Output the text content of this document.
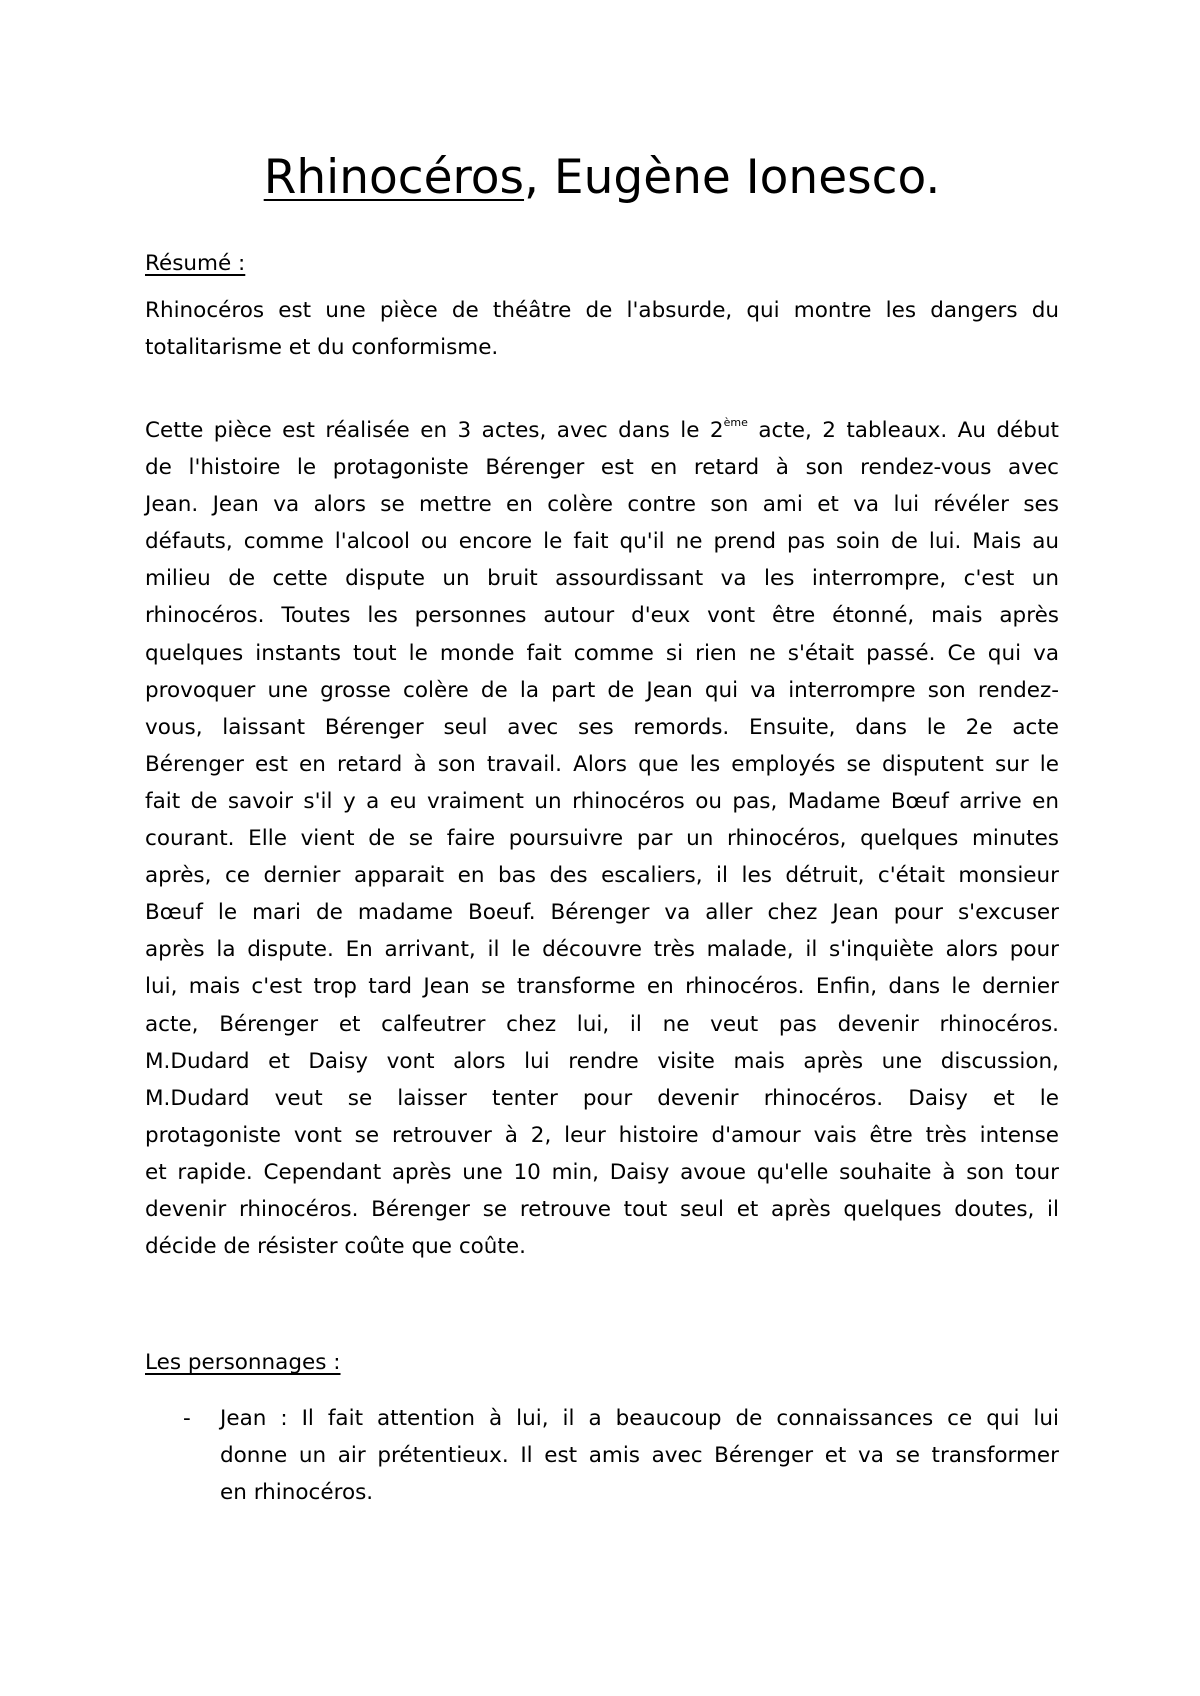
Rhinocéros, Eugène Ionesco.

Résumé :

Rhinocéros est une pièce de théâtre de l'absurde, qui montre les dangers du
totalitarisme et du conformisme.

Cette pièce est réalisée en 3 actes, avec dans le 2ème acte, 2 tableaux. Au début
de l'histoire le protagoniste Bérenger est en retard à son rendez-vous avec
Jean. Jean va alors se mettre en colère contre son ami et va lui révéler ses
défauts, comme l'alcool ou encore le fait qu'il ne prend pas soin de lui. Mais au
milieu de cette dispute un bruit assourdissant va les interrompre, c'est un
rhinocéros. Toutes les personnes autour d'eux vont être étonné, mais après
quelques instants tout le monde fait comme si rien ne s'était passé. Ce qui va
provoquer une grosse colère de la part de Jean qui va interrompre son rendez-
vous, laissant Bérenger seul avec ses remords. Ensuite, dans le 2e acte
Bérenger est en retard à son travail. Alors que les employés se disputent sur le
fait de savoir s'il y a eu vraiment un rhinocéros ou pas, Madame Bœuf arrive en
courant. Elle vient de se faire poursuivre par un rhinocéros, quelques minutes
après, ce dernier apparait en bas des escaliers, il les détruit, c'était monsieur
Bœuf le mari de madame Boeuf. Bérenger va aller chez Jean pour s'excuser
après la dispute. En arrivant, il le découvre très malade, il s'inquiète alors pour
lui, mais c'est trop tard Jean se transforme en rhinocéros. Enfin, dans le dernier
acte, Bérenger et calfeutrer chez lui, il ne veut pas devenir rhinocéros.
M.Dudard et Daisy vont alors lui rendre visite mais après une discussion,
M.Dudard veut se laisser tenter pour devenir rhinocéros. Daisy et le
protagoniste vont se retrouver à 2, leur histoire d'amour vais être très intense
et rapide. Cependant après une 10 min, Daisy avoue qu'elle souhaite à son tour
devenir rhinocéros. Bérenger se retrouve tout seul et après quelques doutes, il
décide de résister coûte que coûte.

Les personnages :

- Jean : Il fait attention à lui, il a beaucoup de connaissances ce qui lui
donne un air prétentieux. Il est amis avec Bérenger et va se transformer
en rhinocéros.
